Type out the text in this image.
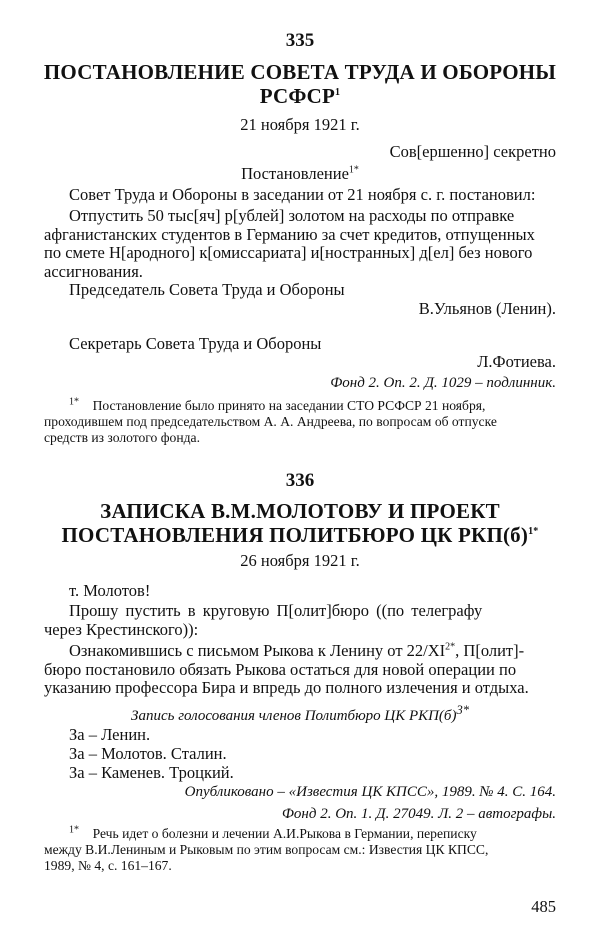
335
ПОСТАНОВЛЕНИЕ СОВЕТА ТРУДА И ОБОРОНЫ
РСФСР$^1$
21 ноября 1921 г.
Сов[ершенно] секретно
Постановление$^{1*}$
Совет Труда и Обороны в заседании от 21 ноября с. г. постановил:
Отпустить 50 тыс[яч] р[ублей] золотом на расходы по отправке
афганистанских студентов в Германию за счет кредитов, отпущенных
по смете Н[ародного] к[омиссариата] и[ностранных] д[ел] без нового
ассигнования.
Председатель Совета Труда и Обороны
В.Ульянов (Ленин).
Секретарь Совета Труда и Обороны
Л.Фотиева.
Фонд 2. Оп. 2. Д. 1029 – подлинник.
$^{1*}$ Постановление было принято на заседании СТО РСФСР 21 ноября,
проходившем под председательством А. А. Андреева, по вопросам об отпуске
средств из золотого фонда.
336
ЗАПИСКА В.М.МОЛОТОВУ И ПРОЕКТ
ПОСТАНОВЛЕНИЯ ПОЛИТБЮРО ЦК $РКП(б)^{1*}$
26 ноября 1921 г.
т. Молотов!
Прошу пустить в круговую П[олит]бюро ((по телеграфу
через Крестинского)):
Ознакомившись с письмом Рыкова к Ленину от $22/XI^{2*}$, П[олит]-
бюро постановило обязать Рыкова остаться для новой операции по
указанию профессора Бира и впредь до полного излечения и отдыха.
Запись голосования членов Политбюро ЦК $РКП(б)^{3*}$
За – Ленин.
За – Молотов. Сталин.
За – Каменев. Троцкий.
Опубликовано – «Известия ЦК КПСС», 1989. № 4. С. 164.
Фонд 2. Оп. 1. Д. 27049. Л. 2 – автографы.
$^{1*}$ Речь идет о болезни и лечении А.И.Рыкова в Германии, переписку
между В.И.Лениным и Рыковым по этим вопросам см.: Известия ЦК КПСС,
1989, № 4, с. 161–167.
485
